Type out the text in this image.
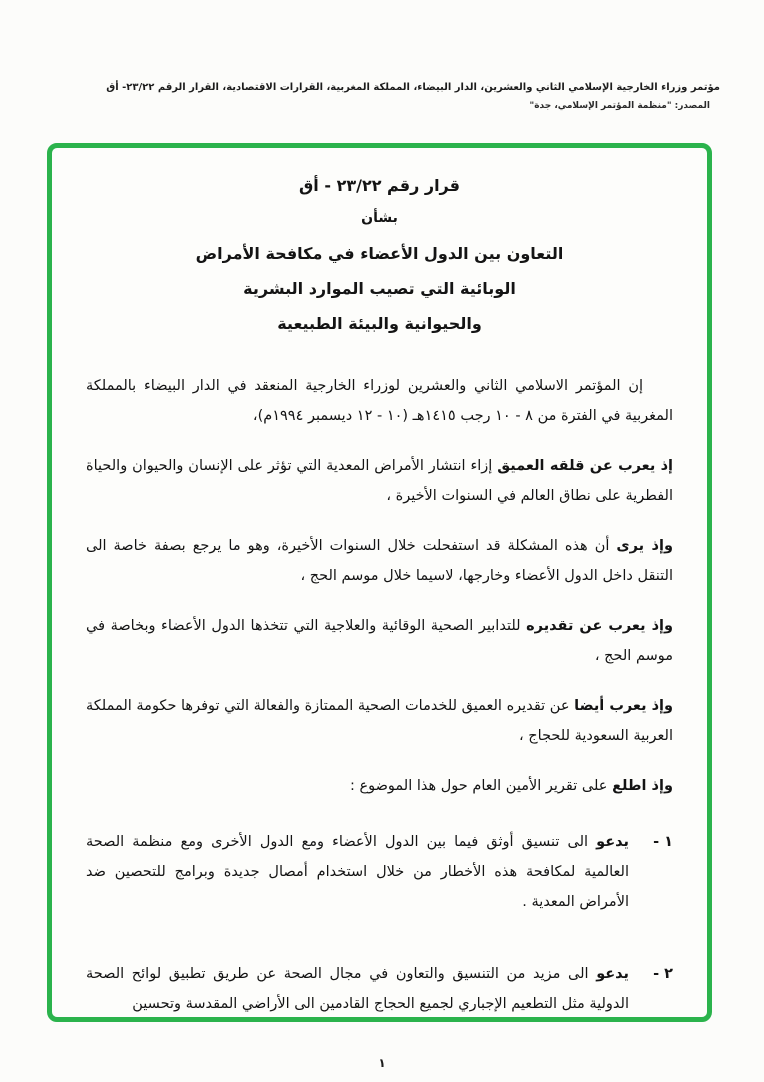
مؤتمر وزراء الخارجية الإسلامي الثاني والعشرين، الدار البيضاء، المملكة المغربية، القرارات الاقتصادية، القرار الرقم ٢٣/٢٢- أق
المصدر: "منظمة المؤتمر الإسلامي، جدة"
قرار رقم ٢٣/٢٢ - أق
بشأن
التعاون بين الدول الأعضاء في مكافحة الأمراض
الوبائية التي تصيب الموارد البشرية
والحيوانية والبيئة الطبيعية

إن المؤتمر الاسلامي الثاني والعشرين لوزراء الخارجية المنعقد في الدار البيضاء بالمملكة المغربية في الفترة من ٨ - ١٠ رجب ١٤١٥هـ (١٠ - ١٢ ديسمبر ١٩٩٤م)،

إذ يعرب عن قلقه العميق إزاء انتشار الأمراض المعدية التي تؤثر على الإنسان والحيوان والحياة الفطرية على نطاق العالم في السنوات الأخيرة ،

وإذ يرى أن هذه المشكلة قد استفحلت خلال السنوات الأخيرة، وهو ما يرجع بصفة خاصة الى التنقل داخل الدول الأعضاء وخارجها، لاسيما خلال موسم الحج ،

وإذ يعرب عن تقديره للتدابير الصحية الوقائية والعلاجية التي تتخذها الدول الأعضاء وبخاصة في موسم الحج ،

وإذ يعرب أيضا عن تقديره العميق للخدمات الصحية الممتازة والفعالة التي توفرها حكومة المملكة العربية السعودية للحجاج ،

وإذ اطلع على تقرير الأمين العام حول هذا الموضوع :

١ -
يدعو الى تنسيق أوثق فيما بين الدول الأعضاء ومع الدول الأخرى ومع منظمة الصحة العالمية لمكافحة هذه الأخطار من خلال استخدام أمصال جديدة وبرامج للتحصين ضد الأمراض المعدية .
٢ -
يدعو الى مزيد من التنسيق والتعاون في مجال الصحة عن طريق تطبيق لوائح الصحة الدولية مثل التطعيم الإجباري لجميع الحجاج القادمين الى الأراضي المقدسة وتحسين
١
